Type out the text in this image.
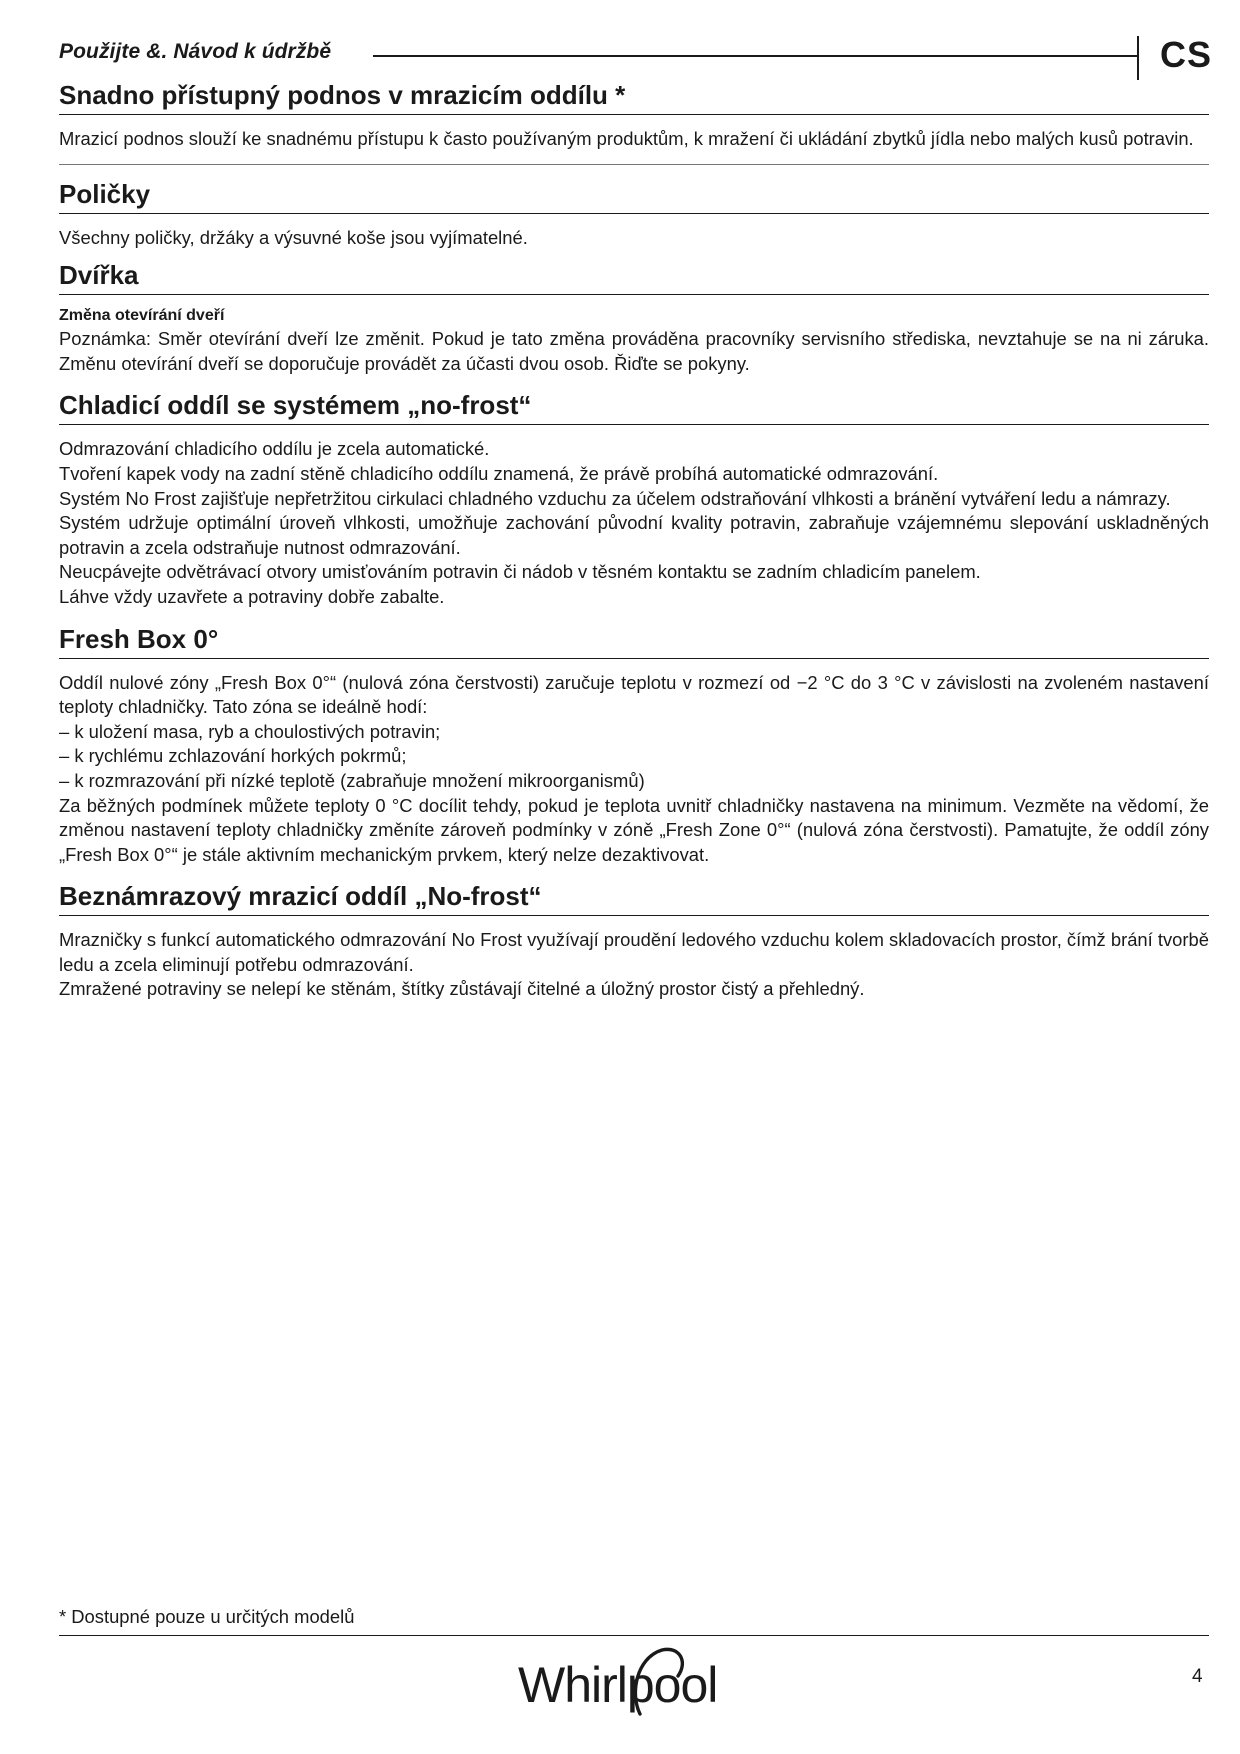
Použijte &. Návod k údržbě	CS
Snadno přístupný podnos v mrazicím oddílu *

Mrazicí podnos slouží ke snadnému přístupu k často používaným produktům, k mražení či ukládání zbytků jídla nebo malých kusů potravin.

Poličky

Všechny poličky, držáky a výsuvné koše jsou vyjímatelné.

Dvířka

Změna otevírání dveří

Poznámka: Směr otevírání dveří lze změnit. Pokud je tato změna prováděna pracovníky servisního střediska, nevztahuje se na ni záruka. Změnu otevírání dveří se doporučuje provádět za účasti dvou osob. Řiďte se pokyny.

Chladicí oddíl se systémem „no-frost“

Odmrazování chladicího oddílu je zcela automatické.

Tvoření kapek vody na zadní stěně chladicího oddílu znamená, že právě probíhá automatické odmrazování.

Systém No Frost zajišťuje nepřetržitou cirkulaci chladného vzduchu za účelem odstraňování vlhkosti a bránění vytváření ledu a námrazy.

Systém udržuje optimální úroveň vlhkosti, umožňuje zachování původní kvality potravin, zabraňuje vzájemnému slepování uskladněných potravin a zcela odstraňuje nutnost odmrazování.

Neucpávejte odvětrávací otvory umisťováním potravin či nádob v těsném kontaktu se zadním chladicím panelem.

Láhve vždy uzavřete a potraviny dobře zabalte.

Fresh Box 0°

Oddíl nulové zóny „Fresh Box 0°“ (nulová zóna čerstvosti) zaručuje teplotu v rozmezí od −2 °C do 3 °C v závislosti na zvoleném nastavení teploty chladničky. Tato zóna se ideálně hodí:

– k uložení masa, ryb a choulostivých potravin;

– k rychlému zchlazování horkých pokrmů;

– k rozmrazování při nízké teplotě (zabraňuje množení mikroorganismů)

Za běžných podmínek můžete teploty 0 °C docílit tehdy, pokud je teplota uvnitř chladničky nastavena na minimum. Vezměte na vědomí, že změnou nastavení teploty chladničky změníte zároveň podmínky v zóně „Fresh Zone 0°“ (nulová zóna čerstvosti). Pamatujte, že oddíl zóny „Fresh Box 0°“ je stále aktivním mechanickým prvkem, který nelze dezaktivovat.

Beznámrazový mrazicí oddíl „No-frost“

Mrazničky s funkcí automatického odmrazování No Frost využívají proudění ledového vzduchu kolem skladovacích prostor, čímž brání tvorbě ledu a zcela eliminují potřebu odmrazování.

Zmražené potraviny se nelepí ke stěnám, štítky zůstávají čitelné a úložný prostor čistý a přehledný.

* Dostupné pouze u určitých modelů
Whirlpool	4
